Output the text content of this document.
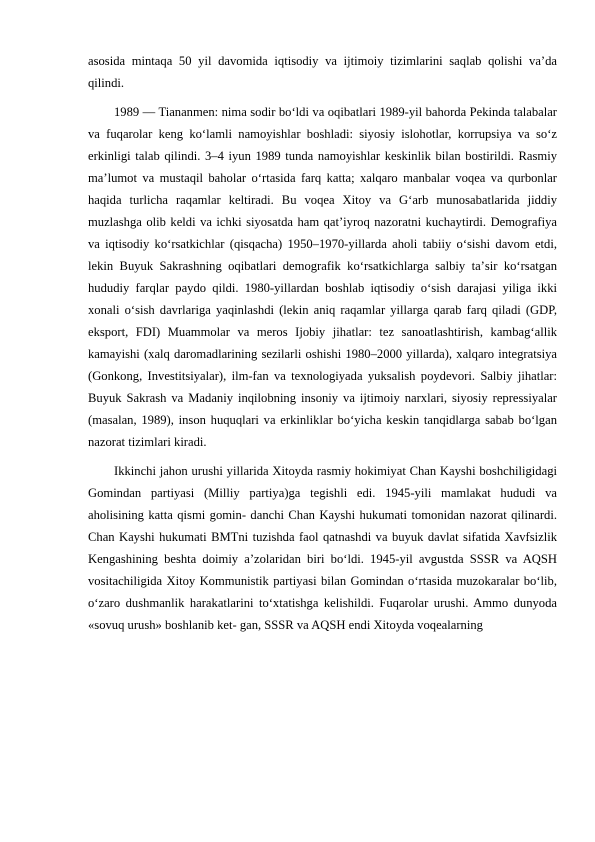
asosida mintaqa 50 yil davomida iqtisodiy va ijtimoiy tizimlarini saqlab qolishi vaʼda qilindi.

1989 — Tiananmen: nima sodir bo‘ldi va oqibatlari 1989-yil bahorda Pekinda talabalar va fuqarolar keng ko‘lamli namoyishlar boshladi: siyosiy islohotlar, korrupsiya va so‘z erkinligi talab qilindi. 3–4 iyun 1989 tunda namoyishlar keskinlik bilan bostirildi. Rasmiy maʼlumot va mustaqil baholar o‘rtasida farq katta; xalqaro manbalar voqea va qurbonlar haqida turlicha raqamlar keltiradi. Bu voqea Xitoy va G‘arb munosabatlarida jiddiy muzlashga olib keldi va ichki siyosatda ham qatʼiyroq nazoratni kuchaytirdi. Demografiya va iqtisodiy ko‘rsatkichlar (qisqacha) 1950–1970-yillarda aholi tabiiy o‘sishi davom etdi, lekin Buyuk Sakrashning oqibatlari demografik ko‘rsatkichlarga salbiy taʼsir ko‘rsatgan hududiy farqlar paydo qildi. 1980-yillardan boshlab iqtisodiy o‘sish darajasi yiliga ikki xonali o‘sish davrlariga yaqinlashdi (lekin aniq raqamlar yillarga qarab farq qiladi (GDP, eksport, FDI) Muammolar va meros Ijobiy jihatlar: tez sanoatlashtirish, kambag‘allik kamayishi (xalq daromadlarining sezilarli oshishi 1980–2000 yillarda), xalqaro integratsiya (Gonkong, Investitsiyalar), ilm-fan va texnologiyada yuksalish poydevori. Salbiy jihatlar: Buyuk Sakrash va Madaniy inqilobning insoniy va ijtimoiy narxlari, siyosiy repressiyalar (masalan, 1989), inson huquqlari va erkinliklar bo‘yicha keskin tanqidlarga sabab bo‘lgan nazorat tizimlari kiradi.

Ikkinchi jahon urushi yillarida Xitoyda rasmiy hokimiyat Chan Kayshi boshchiligidagi Gomindan partiyasi (Milliy partiya)ga tegishli edi. 1945-yili mamlakat hududi va aholisining katta qismi gomin- danchi Chan Kayshi hukumati tomonidan nazorat qilinardi. Chan Kayshi hukumati BMTni tuzishda faol qatnashdi va buyuk davlat sifatida Xavfsizlik Kengashining beshta doimiy a’zolaridan biri bo‘ldi. 1945-yil avgustda SSSR va AQSH vositachiligida Xitoy Kommunistik partiyasi bilan Gomindan o‘rtasida muzokaralar bo‘lib, o‘zaro dushmanlik harakatlarini to‘xtatishga kelishildi. Fuqarolar urushi. Ammo dunyoda «sovuq urush» boshlanib ket- gan, SSSR va AQSH endi Xitoyda voqealarning
